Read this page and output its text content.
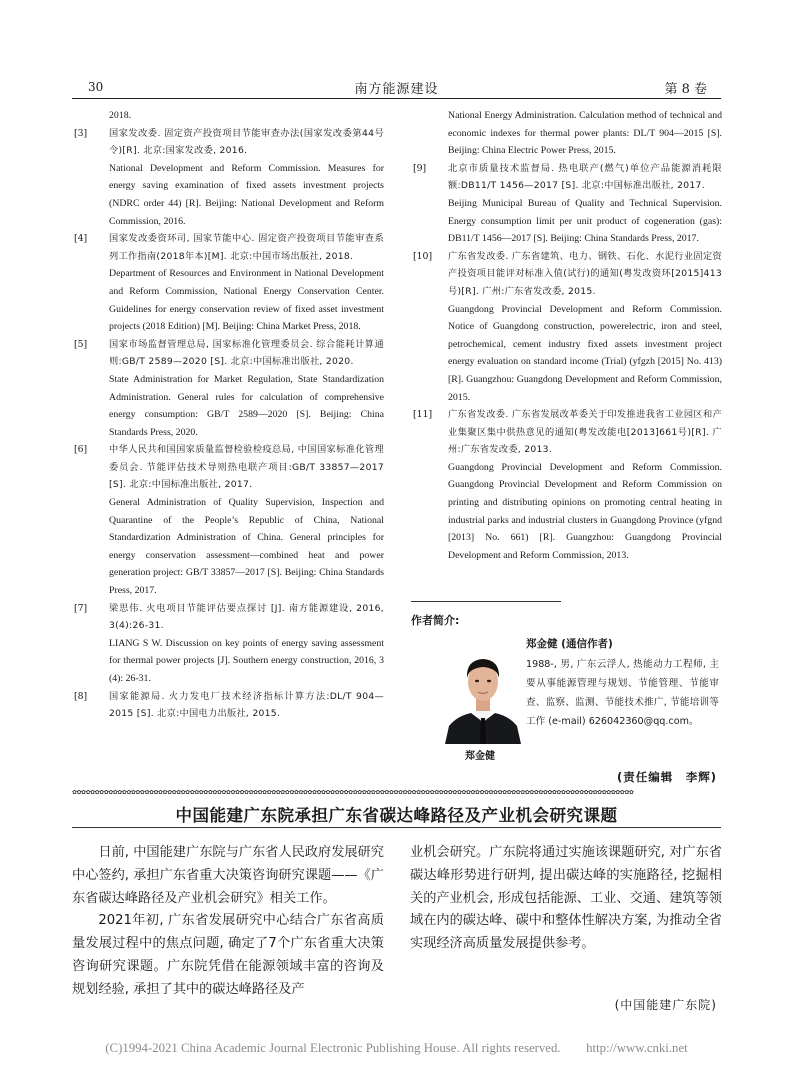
30	南方能源建设	第 8 卷

2018.

[3] 国家发改委. 固定资产投资项目节能审查办法(国家发改委第44号令)[R]. 北京:国家发改委, 2016.

National Development and Reform Commission. Measures for energy saving examination of fixed assets investment projects (NDRC order 44) [R]. Beijing: National Development and Reform Commission, 2016.

[4] 国家发改委资环司, 国家节能中心. 固定资产投资项目节能审查系列工作指南(2018年本)[M]. 北京:中国市场出版社, 2018.

Department of Resources and Environment in National Development and Reform Commission, National Energy Conservation Center. Guidelines for energy conservation review of fixed asset investment projects (2018 Edition) [M]. Beijing: China Market Press, 2018.

[5] 国家市场监督管理总局, 国家标准化管理委员会. 综合能耗计算通则:GB/T 2589—2020 [S]. 北京:中国标准出版社, 2020.

State Administration for Market Regulation, State Standardization Administration. General rules for calculation of comprehensive energy consumption: GB/T 2589—2020 [S]. Beijing: China Standards Press, 2020.

[6] 中华人民共和国国家质量监督检验检疫总局, 中国国家标准化管理委员会. 节能评估技术导则热电联产项目:GB/T 33857—2017 [S]. 北京:中国标准出版社, 2017.

General Administration of Quality Supervision, Inspection and Quarantine of the People’s Republic of China, National Standardization Administration of China. General principles for energy conservation assessment—combined heat and power generation project: GB/T 33857—2017 [S]. Beijing: China Standards Press, 2017.

[7] 梁思伟. 火电项目节能评估要点探讨 [J]. 南方能源建设, 2016, 3(4):26-31.

LIANG S W. Discussion on key points of energy saving assessment for thermal power projects [J]. Southern energy construction, 2016, 3 (4): 26-31.

[8] 国家能源局. 火力发电厂技术经济指标计算方法:DL/T 904—2015 [S]. 北京:中国电力出版社, 2015.

National Energy Administration. Calculation method of technical and economic indexes for thermal power plants: DL/T 904—2015 [S]. Beijing: China Electric Power Press, 2015.

[9] 北京市质量技术监督局. 热电联产(燃气)单位产品能源消耗限额:DB11/T 1456—2017 [S]. 北京:中国标准出版社, 2017.

Beijing Municipal Bureau of Quality and Technical Supervision. Energy consumption limit per unit product of cogeneration (gas): DB11/T 1456—2017 [S]. Beijing: China Standards Press, 2017.

[10] 广东省发改委. 广东省建筑、电力、钢铁、石化、水泥行业固定资产投资项目能评对标准入值(试行)的通知(粤发改资环[2015]413号)[R]. 广州:广东省发改委, 2015.

Guangdong Provincial Development and Reform Commission. Notice of Guangdong construction, powerelectric, iron and steel, petrochemical, cement industry fixed assets investment project energy evaluation on standard income (Trial) (yfgzh [2015] No. 413) [R]. Guangzhou: Guangdong Development and Reform Commission, 2015.

[11] 广东省发改委. 广东省发展改革委关于印发推进我省工业园区和产业集聚区集中供热意见的通知(粤发改能电[2013]661号)[R]. 广州:广东省发改委, 2013.

Guangdong Provincial Development and Reform Commission. Guangdong Provincial Development and Reform Commission on printing and distributing opinions on promoting central heating in industrial parks and industrial clusters in Guangdong Province (yfgnd [2013] No. 661) [R]. Guangzhou: Guangdong Provincial Development and Reform Commission, 2013.

作者简介:
郑金健
郑金健 (通信作者)
1988-, 男, 广东云浮人, 热能动力工程师, 主要从事能源管理与规划、节能管理、节能审查、监察、监测、节能技术推广, 节能培训等工作 (e-mail) 626042360@qq.com。
(责任编辑　李辉)
✿✿✿✿✿✿✿✿✿✿✿✿✿✿✿✿✿✿✿✿✿✿✿✿✿✿✿✿✿✿✿✿✿✿✿✿✿✿✿✿✿✿✿✿✿✿✿✿✿✿✿✿✿✿✿✿✿✿✿✿✿✿✿✿✿✿✿✿✿✿✿✿✿✿✿✿✿✿✿✿✿✿✿✿✿✿✿✿✿✿✿✿✿✿✿✿✿✿✿✿✿✿✿✿✿✿✿✿✿✿✿✿✿✿✿✿✿✿✿✿✿✿✿✿
中国能建广东院承担广东省碳达峰路径及产业机会研究课题

日前, 中国能建广东院与广东省人民政府发展研究中心签约, 承担广东省重大决策咨询研究课题——《广东省碳达峰路径及产业机会研究》相关工作。

2021年初, 广东省发展研究中心结合广东省高质量发展过程中的焦点问题, 确定了7个广东省重大决策咨询研究课题。广东院凭借在能源领域丰富的咨询及规划经验, 承担了其中的碳达峰路径及产

业机会研究。广东院将通过实施该课题研究, 对广东省碳达峰形势进行研判, 提出碳达峰的实施路径, 挖掘相关的产业机会, 形成包括能源、工业、交通、建筑等领域在内的碳达峰、碳中和整体性解决方案, 为推动全省实现经济高质量发展提供参考。

(中国能建广东院)
(C)1994-2021 China Academic Journal Electronic Publishing House. All rights reserved.　　http://www.cnki.net
